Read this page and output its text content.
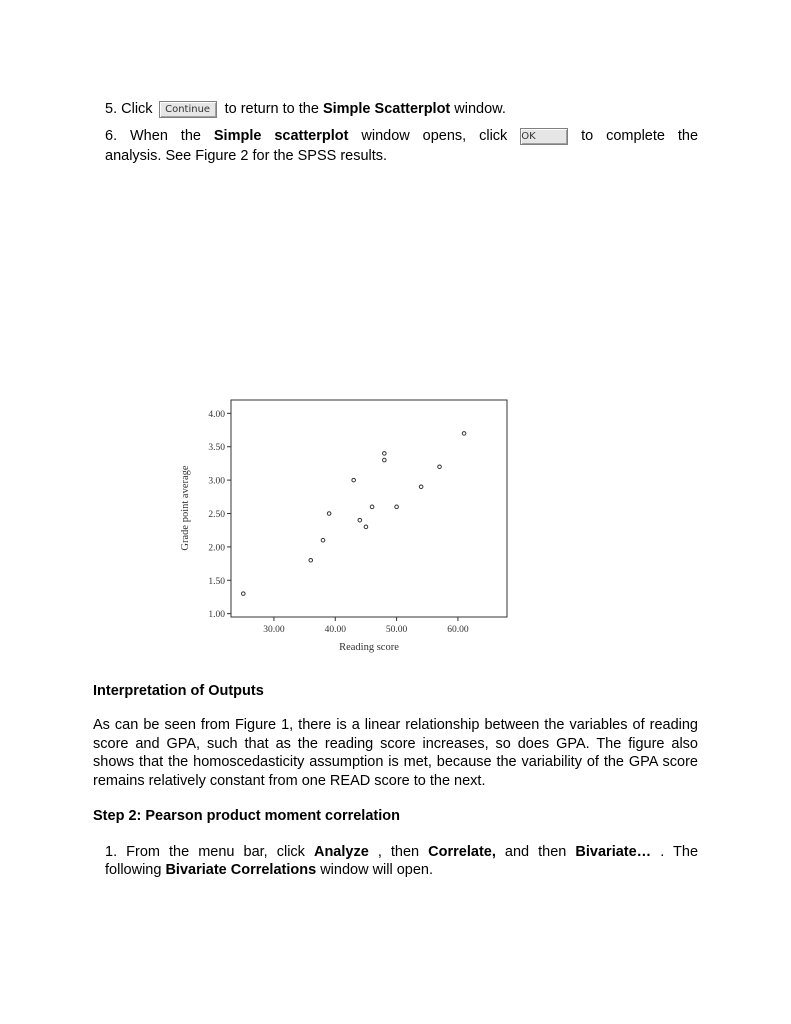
5. Click Continue to return to the Simple Scatterplot window.
6. When the Simple scatterplot window opens, click OK	to complete the
analysis. See Figure 2 for the SPSS results.
1.00
1.50
2.00
2.50
3.00
3.50
4.00
30.00	40.00	50.00	60.00
Grade point average
Reading score
Interpretation of Outputs
As can be seen from Figure 1, there is a linear relationship between the variables of reading score and GPA, such that as the reading score increases, so does GPA. The figure also shows that the homoscedasticity assumption is met, because the variability of the GPA score remains relatively constant from one READ score to the next.
Step 2: Pearson product moment correlation
1. From the menu bar, click Analyze , then Correlate, and then Bivariate… . The
following Bivariate Correlations window will open.
